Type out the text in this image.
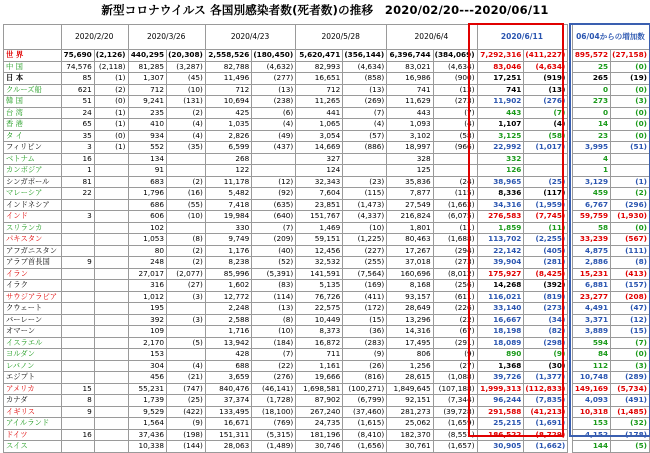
新型コロナウイルス 各国別感染者数(死者数)の推移　2020/02/20---2020/06/11
	2020/2/20		2020/3/26		2020/4/23		2020/5/28		2020/6/4		2020/6/11			06/04からの増加数	
世 界	75,690	(2,126)	440,295	(20,308)	2,558,526	(180,450)	5,620,471	(356,144)	6,396,744	(384,069)	7,292,316	(411,227)		895,572	(27,158)
中 国	74,576	(2,118)	81,285	(3,287)	82,788	(4,632)	82,993	(4,634)	83,021	(4,634)	83,046	(4,634)		25	(0)
日 本	85	(1)	1,307	(45)	11,496	(277)	16,651	(858)	16,986	(900)	17,251	(919)		265	(19)
クルーズ船	621	(2)	712	(10)	712	(13)	712	(13)	741	(13)	741	(13)		0	(0)
韓 国	51	(0)	9,241	(131)	10,694	(238)	11,265	(269)	11,629	(273)	11,902	(276)		273	(3)
台 湾	24	(1)	235	(2)	425	(6)	441	(7)	443	(7)	443	(7)		0	(0)
香 港	65	(1)	410	(4)	1,035	(4)	1,065	(4)	1,093	(4)	1,107	(4)		14	(0)
タ イ	35	(0)	934	(4)	2,826	(49)	3,054	(57)	3,102	(58)	3,125	(58)		23	(0)
フィリピン	3	(1)	552	(35)	6,599	(437)	14,669	(886)	18,997	(966)	22,992	(1,017)		3,995	(51)
ベトナム	16		134		268		327		328		332			4	
カンボジア	1		91		122		124		125		126			1	
シンガポール	81		683	(2)	11,178	(12)	32,343	(23)	35,836	(24)	38,965	(25)		3,129	(1)
マレーシア	22		1,796	(16)	5,482	(92)	7,604	(115)	7,877	(115)	8,336	(117)		459	(2)
インドネシア			686	(55)	7,418	(635)	23,851	(1,473)	27,549	(1,663)	34,316	(1,959)		6,767	(296)
インド	3		606	(10)	19,984	(640)	151,767	(4,337)	216,824	(6,075)	276,583	(7,745)		59,759	(1,930)
スリランカ			102		330	(7)	1,469	(10)	1,801	(11)	1,859	(11)		58	(0)
パキスタン			1,053	(8)	9,749	(209)	59,151	(1,225)	80,463	(1,688)	113,702	(2,255)		33,239	(567)
アフガニスタン			80	(2)	1,176	(40)	12,456	(227)	17,267	(294)	22,142	(405)		4,875	(111)
アラブ首長国	9		248	(2)	8,238	(52)	32,532	(255)	37,018	(273)	39,904	(281)		2,886	(8)
イラン			27,017	(2,077)	85,996	(5,391)	141,591	(7,564)	160,696	(8,012)	175,927	(8,425)		15,231	(413)
イラク			316	(27)	1,602	(83)	5,135	(169)	8,168	(256)	14,268	(392)		6,881	(157)
サウジアラビア			1,012	(3)	12,772	(114)	76,726	(411)	93,157	(611)	116,021	(819)		23,277	(208)
クウェート			195		2,248	(13)	22,575	(172)	28,649	(226)	33,140	(273)		4,491	(47)
バーレーン			392	(3)	2,588	(8)	10,449	(15)	13,296	(22)	16,667	(34)		3,371	(12)
オマーン			109		1,716	(10)	8,373	(36)	14,316	(67)	18,198	(82)		3,889	(15)
イスラエル			2,170	(5)	13,942	(184)	16,872	(283)	17,495	(291)	18,089	(298)		594	(7)
ヨルダン			153		428	(7)	711	(9)	806	(9)	890	(9)		84	(0)
レバノン			304	(4)	688	(22)	1,161	(26)	1,256	(27)	1,368	(30)		112	(3)
エジプト			456	(21)	3,659	(276)	19,666	(816)	28,615	(1,088)	39,726	(1,377)		10,748	(289)
アメリカ	15		55,231	(747)	840,476	(46,141)	1,698,581	(100,271)	1,849,645	(107,188)	1,999,313	(112,833)		149,169	(5,734)
カナダ	8		1,739	(25)	37,374	(1,728)	87,902	(6,799)	92,151	(7,344)	96,244	(7,835)		4,093	(491)
イギリス	9		9,529	(422)	133,495	(18,100)	267,240	(37,460)	281,273	(39,728)	291,588	(41,213)		10,318	(1,485)
アイルランド			1,564	(9)	16,671	(769)	24,735	(1,615)	25,062	(1,659)	25,215	(1,691)		153	(32)
ドイツ	16		37,436	(198)	151,311	(5,315)	181,196	(8,410)	182,370	(8,551)	186,522	(8,729)		4,152	(178)
スイス			10,338	(144)	28,063	(1,489)	30,746	(1,656)	30,761	(1,657)	30,905	(1,662)		144	(5)
